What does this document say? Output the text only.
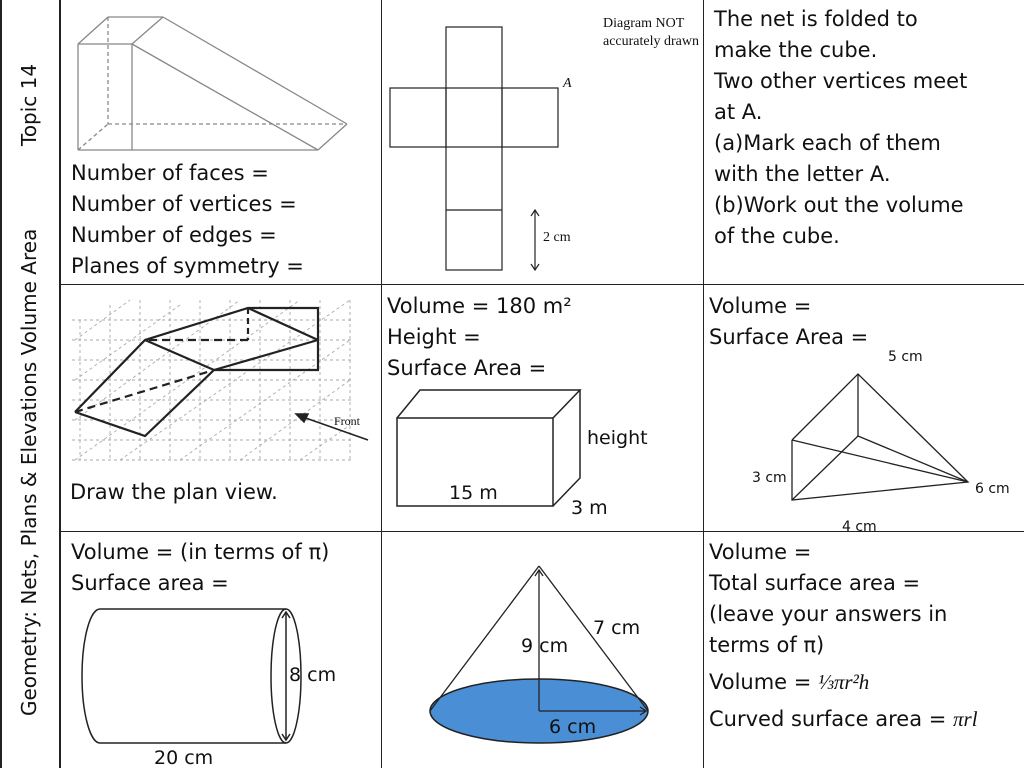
Topic 14
Geometry: Nets, Plans & Elevations Volume Area
Number of faces =
Number of vertices =
Number of edges =
Planes of symmetry =
Diagram NOT
accurately drawn
A
2 cm
The net is folded to
make the cube.
Two other vertices meet
at A.
(a)Mark each of them
with the letter A.
(b)Work out the volume
of the cube.
Front
Draw the plan view.
Volume = 180 m²
Height =
Surface Area =
height
15 m
3 m
Volume =
Surface Area =
5 cm
3 cm
6 cm
4 cm
Volume = (in terms of π)
Surface area =
8 cm
20 cm
9 cm
7 cm
6 cm
Volume =
Total surface area =
(leave your answers in
terms of π)
Volume = ⅓πr²h
Curved surface area = πrl
